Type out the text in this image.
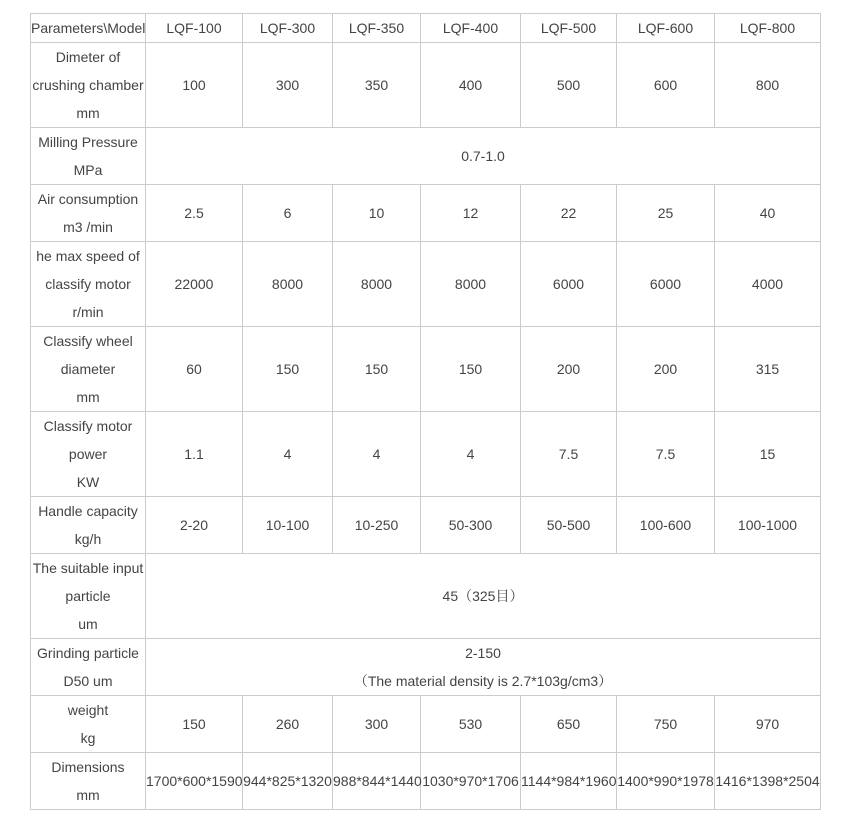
Parameters\Model	LQF-100	LQF-300	LQF-350	LQF-400	LQF-500	LQF-600	LQF-800

Dimeter of
crushing chamber
mm	100	300	350	400	500	600	800

Milling Pressure
MPa	0.7-1.0						

Air consumption
m3 /min	2.5	6	10	12	22	25	40

he max speed of
classify motor
r/min	22000	8000	8000	8000	6000	6000	4000

Classify wheel
diameter
mm	60	150	150	150	200	200	315

Classify motor
power
KW	1.1	4	4	4	7.5	7.5	15

Handle capacity
kg/h	2-20	10-100	10-250	50-300	50-500	100-600	100-1000

The suitable input
particle
um	45（325目）						

Grinding particle
D50 um	2-150
（The material density is 2.7*103g/cm3）						

weight
kg	150	260	300	530	650	750	970

Dimensions
mm	1700*600*1590	944*825*1320	988*844*1440	1030*970*1706	1144*984*1960	1400*990*1978	1416*1398*2504
